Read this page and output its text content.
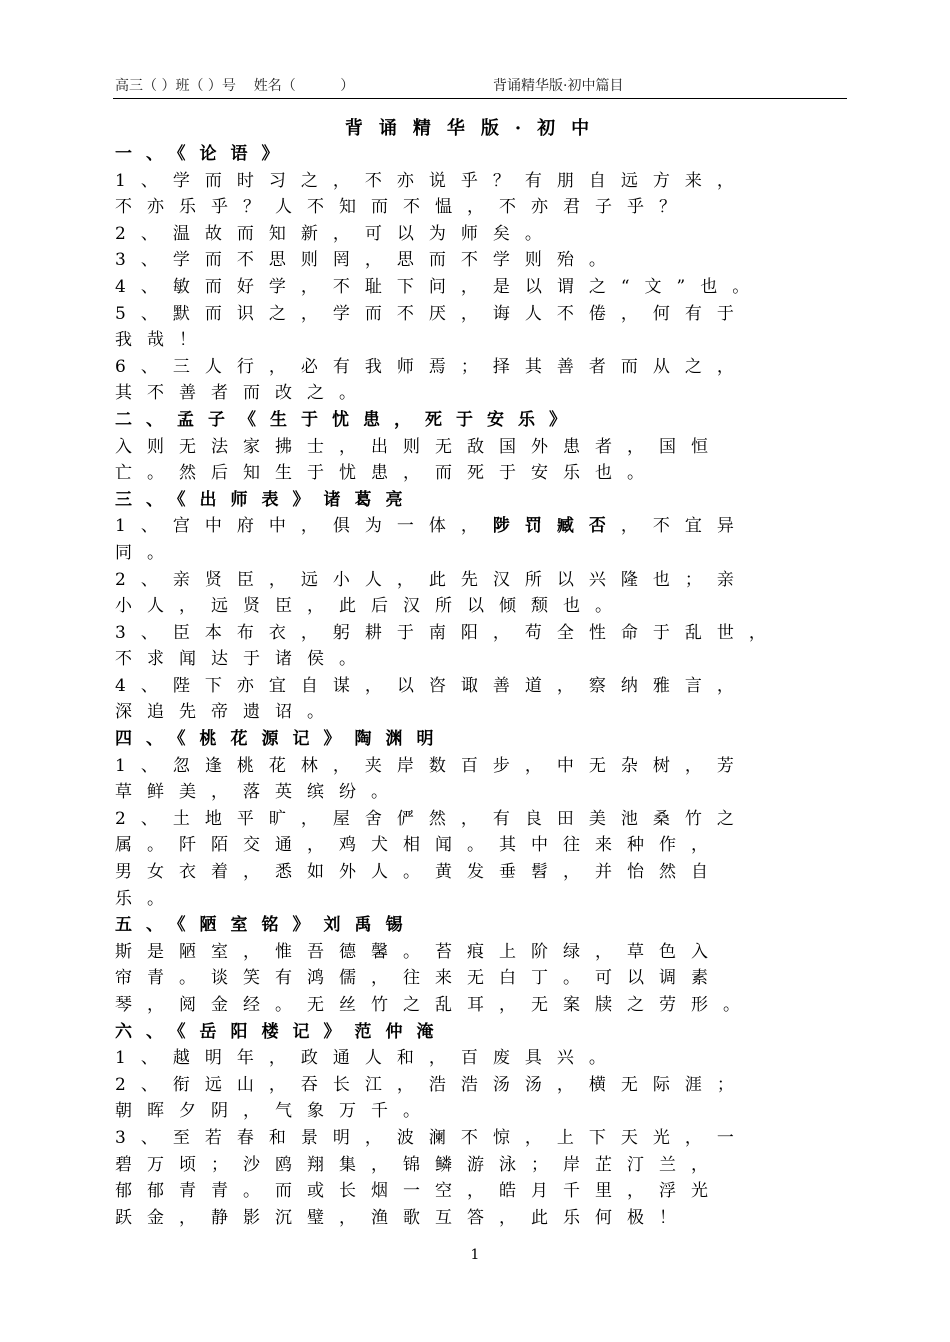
高三（ ）班（ ）号    姓名（          ）	背诵精华版·初中篇目
背诵精华版·初中
一、《论语》
1、学而时习之，不亦说乎？有朋自远方来，
不亦乐乎？人不知而不愠，不亦君子乎？
2、温故而知新，可以为师矣。
3、学而不思则罔，思而不学则殆。
4、敏而好学，不耻下问，是以谓之“文”也。
5、默而识之，学而不厌，诲人不倦，何有于
我哉！
6、三人行，必有我师焉；择其善者而从之，
其不善者而改之。
二、孟子《生于忧患，死于安乐》
入则无法家拂士，出则无敌国外患者，国恒
亡。然后知生于忧患，而死于安乐也。
三、《出师表》诸葛亮
1、宫中府中，俱为一体，陟罚臧否，不宜异
同。
2、亲贤臣，远小人，此先汉所以兴隆也；亲
小人，远贤臣，此后汉所以倾颓也。
3、臣本布衣，躬耕于南阳，苟全性命于乱世，
不求闻达于诸侯。
4、陛下亦宜自谋，以咨诹善道，察纳雅言，
深追先帝遗诏。
四、《桃花源记》陶渊明
1、忽逢桃花林，夹岸数百步，中无杂树，芳
草鲜美，落英缤纷。
2、土地平旷，屋舍俨然，有良田美池桑竹之
属。阡陌交通，鸡犬相闻。其中往来种作，
男女衣着，悉如外人。黄发垂髫，并怡然自
乐。
五、《陋室铭》刘禹锡
斯是陋室，惟吾德馨。苔痕上阶绿，草色入
帘青。谈笑有鸿儒，往来无白丁。可以调素
琴，阅金经。无丝竹之乱耳，无案牍之劳形。
六、《岳阳楼记》范仲淹
1、越明年，政通人和，百废具兴。
2、衔远山，吞长江，浩浩汤汤，横无际涯；
朝晖夕阴，气象万千。
3、至若春和景明，波澜不惊，上下天光，一
碧万顷；沙鸥翔集，锦鳞游泳；岸芷汀兰，
郁郁青青。而或长烟一空，皓月千里，浮光
跃金，静影沉璧，渔歌互答，此乐何极！
1
